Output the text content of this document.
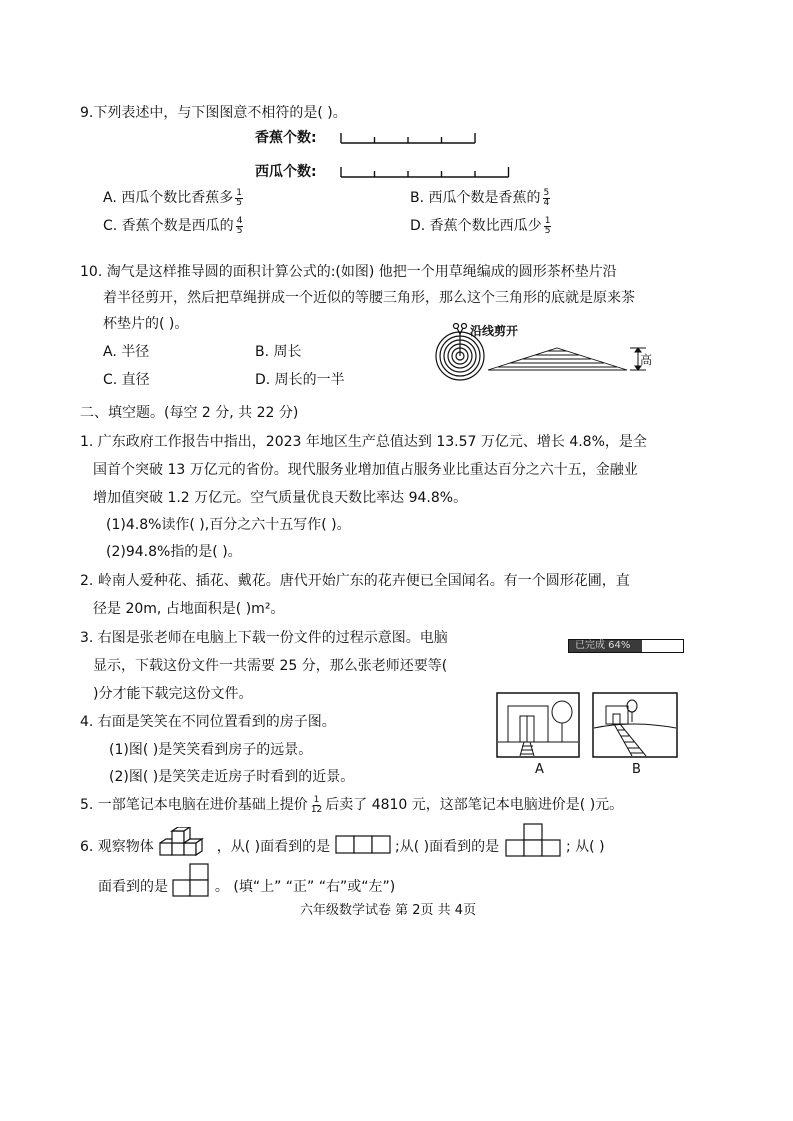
9.下列表述中，与下图图意不相符的是( )。
香蕉个数:
西瓜个数:
A. 西瓜个数比香蕉多 $\frac{1}{5}$	B. 西瓜个数是香蕉的 $\frac{5}{4}$
C. 香蕉个数是西瓜的 $\frac{4}{5}$	D. 香蕉个数比西瓜少 $\frac{1}{5}$
10. 淘气是这样推导圆的面积计算公式的:(如图) 他把一个用草绳编成的圆形茶杯垫片沿
着半径剪开，然后把草绳拼成一个近似的等腰三角形，那么这个三角形的底就是原来茶
杯垫片的( )。
A. 半径	B. 周长
C. 直径	D. 周长的一半
沿线剪开
高
二、填空题。(每空 2 分, 共 22 分)
1. 广东政府工作报告中指出，2023 年地区生产总值达到 13.57 万亿元、增长 4.8%，是全
国首个突破 13 万亿元的省份。现代服务业增加值占服务业比重达百分之六十五，金融业
增加值突破 1.2 万亿元。空气质量优良天数比率达 94.8%。
(1)4.8%读作( ),百分之六十五写作( )。
(2)94.8%指的是( )。
2. 岭南人爱种花、插花、戴花。唐代开始广东的花卉便已全国闻名。有一个圆形花圃，直
径是 20m, 占地面积是( )m²。
3. 右图是张老师在电脑上下载一份文件的过程示意图。电脑
显示，下载这份文件一共需要 25 分，那么张老师还要等(
)分才能下载完这份文件。
已完成 64%
4. 右面是笑笑在不同位置看到的房子图。
(1)图( )是笑笑看到房子的远景。
(2)图( )是笑笑走近房子时看到的近景。	A	B
5. 一部笔记本电脑在进价基础上提价 $\frac{1}{12}$ 后卖了 4810 元，这部笔记本电脑进价是( )元。
6. 观察物体	，从( )面看到的是	;从( )面看到的是	; 从( )
面看到的是	。 (填“上” “正” “右”或“左”)
六年级数学试卷 第 2页 共 4页
